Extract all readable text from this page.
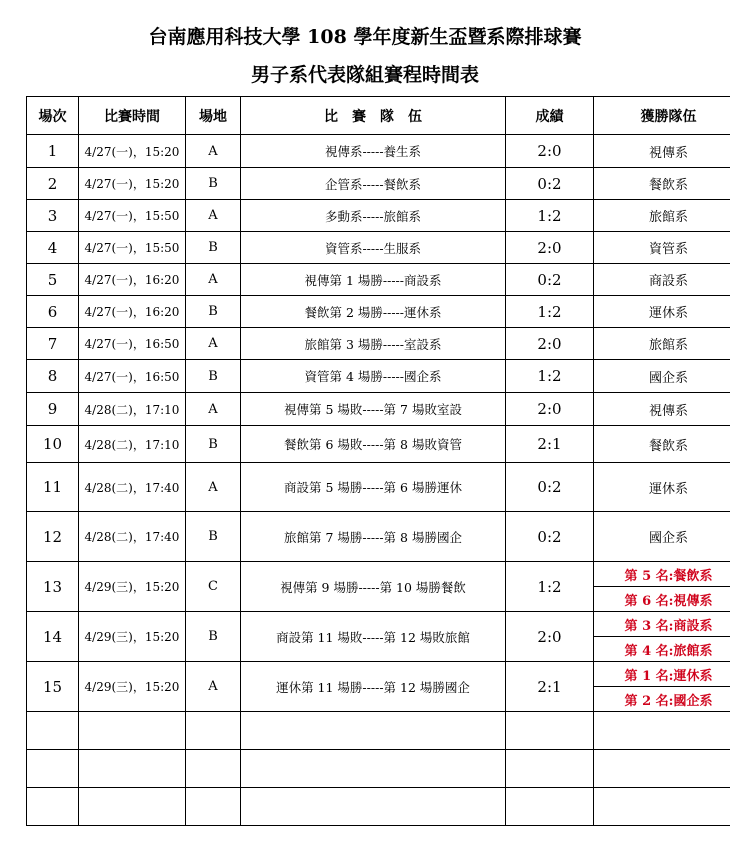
台南應用科技大學 108 學年度新生盃暨系際排球賽
男子系代表隊組賽程時間表
場次	比賽時間	場地	比　賽　隊　伍	成績	獲勝隊伍
1	4/27(一)，15:20	A	視傳系-----養生系	2:0	視傳系
2	4/27(一)，15:20	B	企管系-----餐飲系	0:2	餐飲系
3	4/27(一)，15:50	A	多動系-----旅館系	1:2	旅館系
4	4/27(一)，15:50	B	資管系-----生服系	2:0	資管系
5	4/27(一)，16:20	A	視傳第 1 場勝-----商設系	0:2	商設系
6	4/27(一)，16:20	B	餐飲第 2 場勝-----運休系	1:2	運休系
7	4/27(一)，16:50	A	旅館第 3 場勝-----室設系	2:0	旅館系
8	4/27(一)，16:50	B	資管第 4 場勝-----國企系	1:2	國企系
9	4/28(二)，17:10	A	視傳第 5 場敗-----第 7 場敗室設	2:0	視傳系
10	4/28(二)，17:10	B	餐飲第 6 場敗-----第 8 場敗資管	2:1	餐飲系
11	4/28(二)，17:40	A	商設第 5 場勝-----第 6 場勝運休	0:2	運休系
12	4/28(二)，17:40	B	旅館第 7 場勝-----第 8 場勝國企	0:2	國企系
13	4/29(三)，15:20	C	視傳第 9 場勝-----第 10 場勝餐飲	1:2	第 5 名:餐飲系
					第 6 名:視傳系
14	4/29(三)，15:20	B	商設第 11 場敗-----第 12 場敗旅館	2:0	第 3 名:商設系
					第 4 名:旅館系
15	4/29(三)，15:20	A	運休第 11 場勝-----第 12 場勝國企	2:1	第 1 名:運休系
					第 2 名:國企系
